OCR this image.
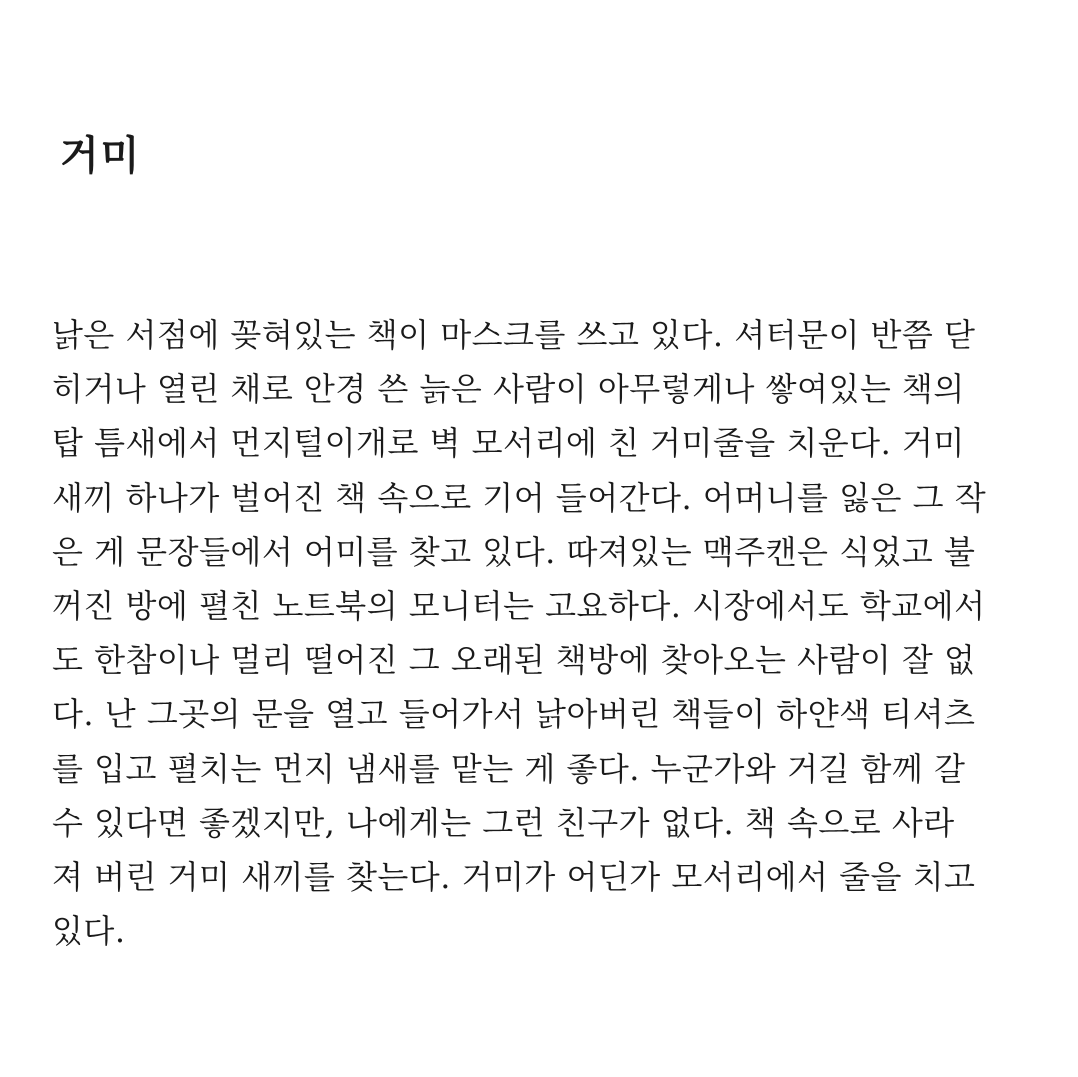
거미
낡은 서점에 꽂혀있는 책이 마스크를 쓰고 있다. 셔터문이 반쯤 닫
히거나 열린 채로 안경 쓴 늙은 사람이 아무렇게나 쌓여있는 책의
탑 틈새에서 먼지털이개로 벽 모서리에 친 거미줄을 치운다. 거미
새끼 하나가 벌어진 책 속으로 기어 들어간다. 어머니를 잃은 그 작
은 게 문장들에서 어미를 찾고 있다. 따져있는 맥주캔은 식었고 불
꺼진 방에 펼친 노트북의 모니터는 고요하다. 시장에서도 학교에서
도 한참이나 멀리 떨어진 그 오래된 책방에 찾아오는 사람이 잘 없
다. 난 그곳의 문을 열고 들어가서 낡아버린 책들이 하얀색 티셔츠
를 입고 펼치는 먼지 냄새를 맡는 게 좋다. 누군가와 거길 함께 갈
수 있다면 좋겠지만, 나에게는 그런 친구가 없다. 책 속으로 사라
져 버린 거미 새끼를 찾는다. 거미가 어딘가 모서리에서 줄을 치고
있다.
